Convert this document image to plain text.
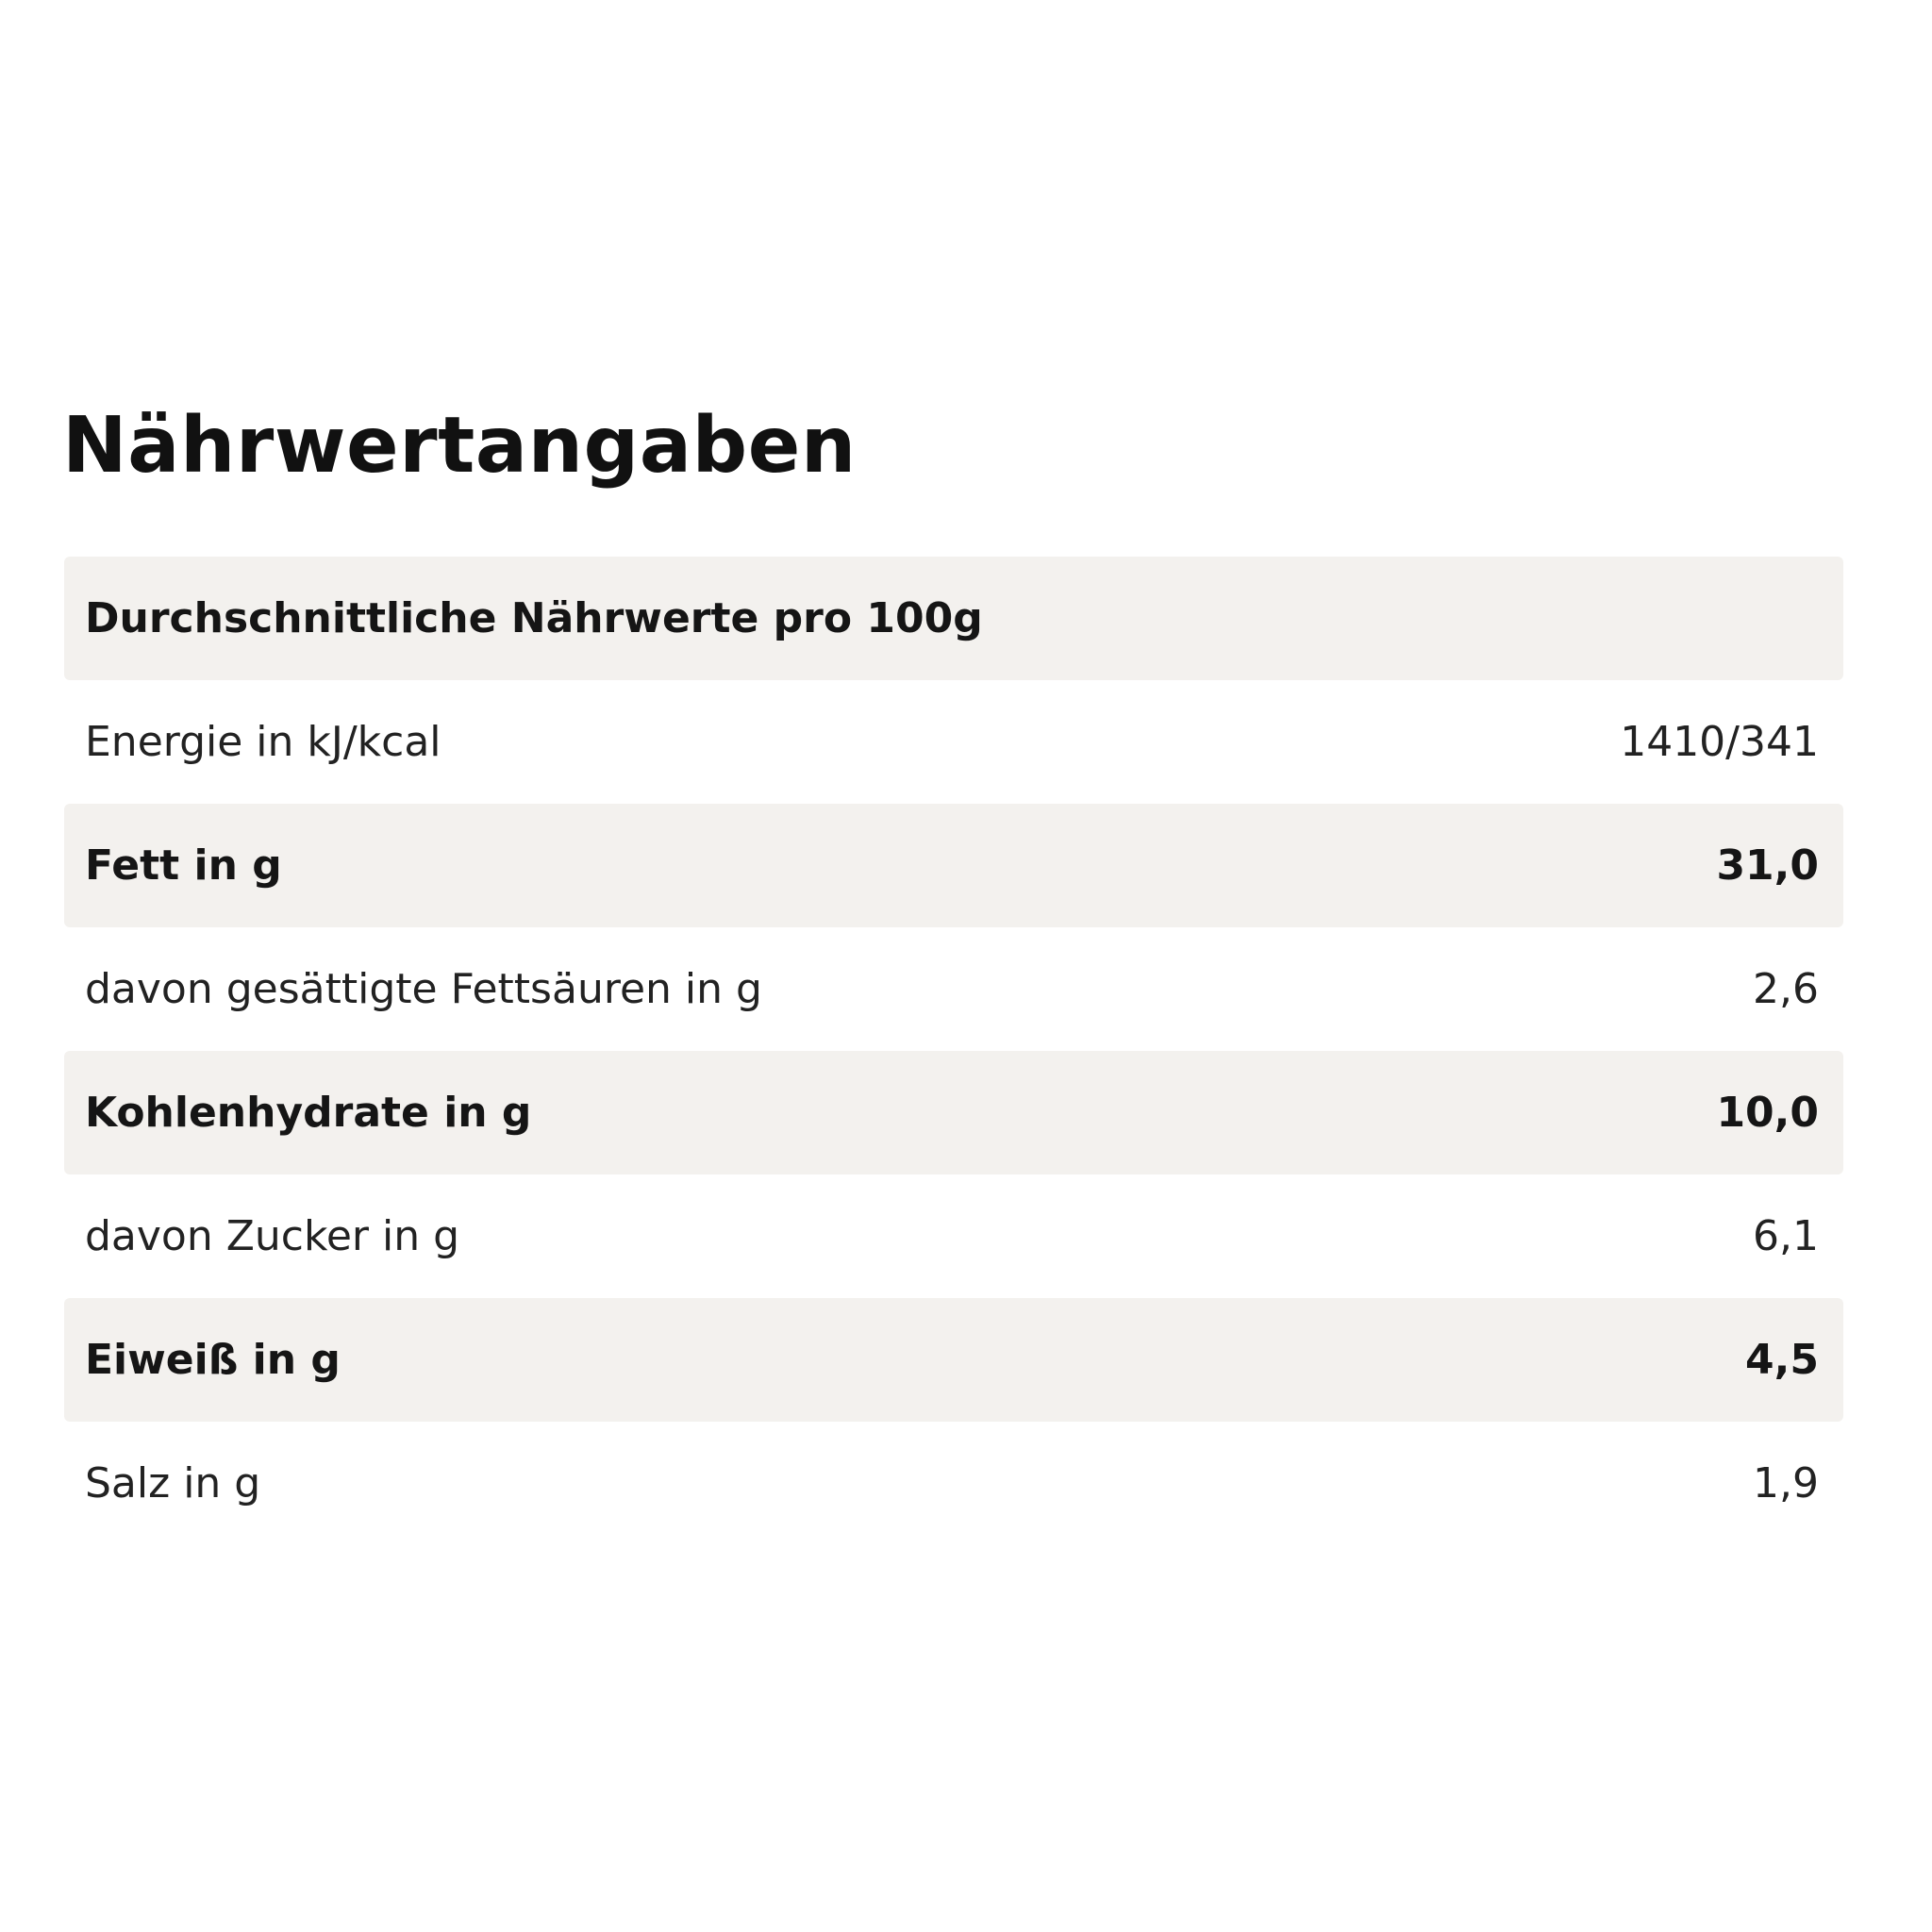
Nährwertangaben
Durchschnittliche Nährwerte pro 100g
Energie in kJ/kcal	1410/341
Fett in g	31,0
davon gesättigte Fettsäuren in g	2,6
Kohlenhydrate in g	10,0
davon Zucker in g	6,1
Eiweiß in g	4,5
Salz in g	1,9
